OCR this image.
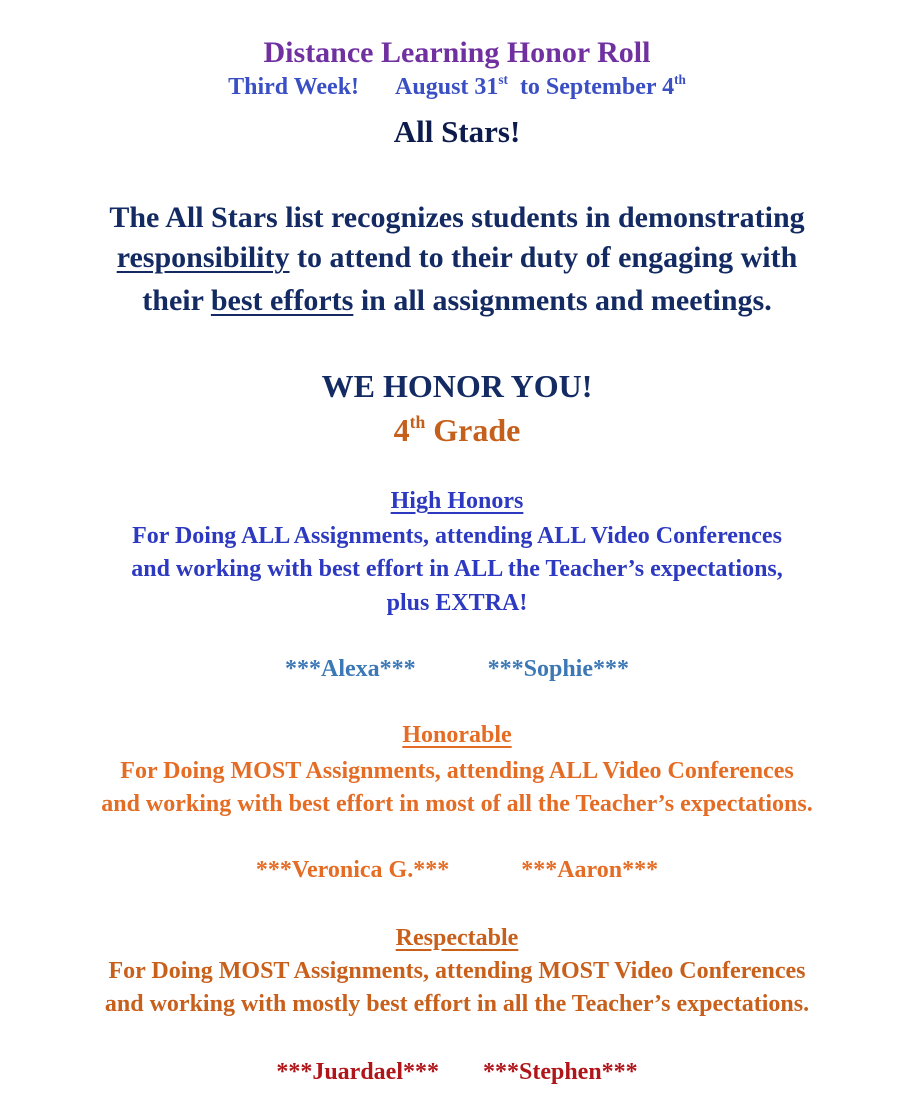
Distance Learning Honor Roll
Third Week! August 31st to September 4th
All Stars!
The All Stars list recognizes students in demonstrating
responsibility to attend to their duty of engaging with
their best efforts in all assignments and meetings.
WE HONOR YOU!
4th Grade
High Honors
For Doing ALL Assignments, attending ALL Video Conferences
and working with best effort in ALL the Teacher’s expectations,
plus EXTRA!
***Alexa***	***Sophie***
Honorable
For Doing MOST Assignments, attending ALL Video Conferences
and working with best effort in most of all the Teacher’s expectations.
***Veronica G.***	***Aaron***
Respectable
For Doing MOST Assignments, attending MOST Video Conferences
and working with mostly best effort in all the Teacher’s expectations.
***Juardael*** ***Stephen***
